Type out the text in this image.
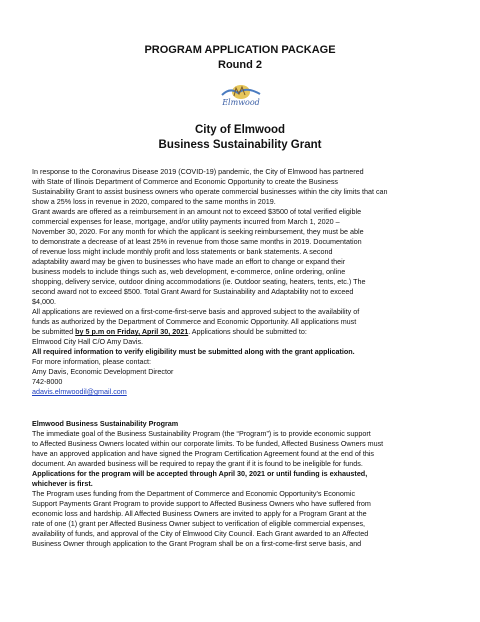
PROGRAM APPLICATION PACKAGE
Round 2
Elmwood
City of Elmwood
Business Sustainability Grant
In response to the Coronavirus Disease 2019 (COVID-19) pandemic, the City of Elmwood has partnered
with State of Illinois Department of Commerce and Economic Opportunity to create the Business
Sustainability Grant to assist business owners who operate commercial businesses within the city limits that can
show a 25% loss in revenue in 2020, compared to the same months in 2019.
Grant awards are offered as a reimbursement in an amount not to exceed $3500 of total verified eligible
commercial expenses for lease, mortgage, and/or utility payments incurred from March 1, 2020 –
November 30, 2020. For any month for which the applicant is seeking reimbursement, they must be able
to demonstrate a decrease of at least 25% in revenue from those same months in 2019. Documentation
of revenue loss might include monthly profit and loss statements or bank statements. A second
adaptability award may be given to businesses who have made an effort to change or expand their
business models to include things such as, web development, e-commerce, online ordering, online
shopping, delivery service, outdoor dining accommodations (ie. Outdoor seating, heaters, tents, etc.) The
second award not to exceed $500. Total Grant Award for Sustainability and Adaptability not to exceed
$4,000.
All applications are reviewed on a first-come-first-serve basis and approved subject to the availability of
funds as authorized by the Department of Commerce and Economic Opportunity. All applications must
be submitted by 5 p.m on Friday, April 30, 2021. Applications should be submitted to:
Elmwood City Hall C/O Amy Davis.
All required information to verify eligibility must be submitted along with the grant application.
For more information, please contact:
Amy Davis, Economic Development Director
742-8000
adavis.elmwoodil@gmail.com
Elmwood Business Sustainability Program
The immediate goal of the Business Sustainability Program (the “Program”) is to provide economic support
to Affected Business Owners located within our corporate limits. To be funded, Affected Business Owners must
have an approved application and have signed the Program Certification Agreement found at the end of this
document. An awarded business will be required to repay the grant if it is found to be ineligible for funds.
Applications for the program will be accepted through April 30, 2021 or until funding is exhausted,
whichever is first.
The Program uses funding from the Department of Commerce and Economic Opportunity’s Economic
Support Payments Grant Program to provide support to Affected Business Owners who have suffered from
economic loss and hardship. All Affected Business Owners are invited to apply for a Program Grant at the
rate of one (1) grant per Affected Business Owner subject to verification of eligible commercial expenses,
availability of funds, and approval of the City of Elmwood City Council. Each Grant awarded to an Affected
Business Owner through application to the Grant Program shall be on a first-come-first serve basis, and
